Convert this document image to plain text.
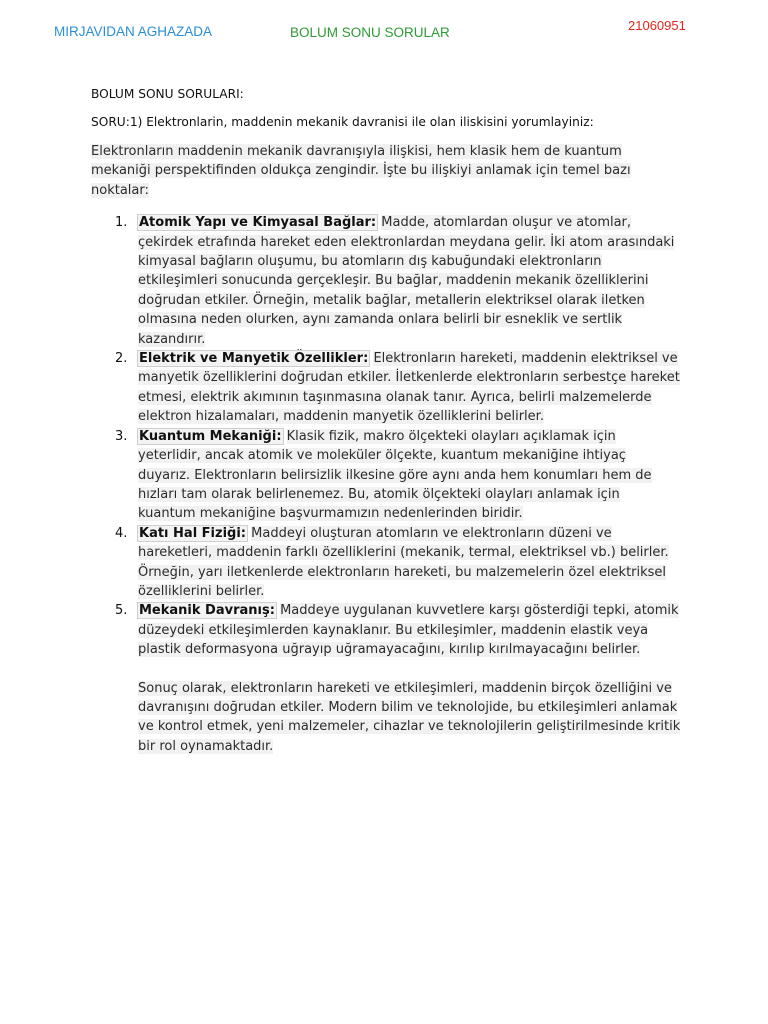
MIRJAVIDAN AGHAZADA	BOLUM SONU SORULAR	21060951

BOLUM SONU SORULARI:

SORU:1) Elektronlarin, maddenin mekanik davranisi ile olan iliskisini yorumlayiniz:

Elektronların maddenin mekanik davranışıyla ilişkisi, hem klasik hem de kuantum mekaniği perspektifinden oldukça zengindir. İşte bu ilişkiyi anlamak için temel bazı noktalar:

1. Atomik Yapı ve Kimyasal Bağlar: Madde, atomlardan oluşur ve atomlar, çekirdek etrafında hareket eden elektronlardan meydana gelir. İki atom arasındaki kimyasal bağların oluşumu, bu atomların dış kabuğundaki elektronların etkileşimleri sonucunda gerçekleşir. Bu bağlar, maddenin mekanik özelliklerini doğrudan etkiler. Örneğin, metalik bağlar, metallerin elektriksel olarak iletken olmasına neden olurken, aynı zamanda onlara belirli bir esneklik ve sertlik kazandırır.
2. Elektrik ve Manyetik Özellikler: Elektronların hareketi, maddenin elektriksel ve manyetik özelliklerini doğrudan etkiler. İletkenlerde elektronların serbestçe hareket etmesi, elektrik akımının taşınmasına olanak tanır. Ayrıca, belirli malzemelerde elektron hizalamaları, maddenin manyetik özelliklerini belirler.
3. Kuantum Mekaniği: Klasik fizik, makro ölçekteki olayları açıklamak için yeterlidir, ancak atomik ve moleküler ölçekte, kuantum mekaniğine ihtiyaç duyarız. Elektronların belirsizlik ilkesine göre aynı anda hem konumları hem de hızları tam olarak belirlenemez. Bu, atomik ölçekteki olayları anlamak için kuantum mekaniğine başvurmamızın nedenlerinden biridir.
4. Katı Hal Fiziği: Maddeyi oluşturan atomların ve elektronların düzeni ve hareketleri, maddenin farklı özelliklerini (mekanik, termal, elektriksel vb.) belirler. Örneğin, yarı iletkenlerde elektronların hareketi, bu malzemelerin özel elektriksel özelliklerini belirler.
5. Mekanik Davranış: Maddeye uygulanan kuvvetlere karşı gösterdiği tepki, atomik düzeydeki etkileşimlerden kaynaklanır. Bu etkileşimler, maddenin elastik veya plastik deformasyona uğrayıp uğramayacağını, kırılıp kırılmayacağını belirler.

Sonuç olarak, elektronların hareketi ve etkileşimleri, maddenin birçok özelliğini ve davranışını doğrudan etkiler. Modern bilim ve teknolojide, bu etkileşimleri anlamak ve kontrol etmek, yeni malzemeler, cihazlar ve teknolojilerin geliştirilmesinde kritik bir rol oynamaktadır.
